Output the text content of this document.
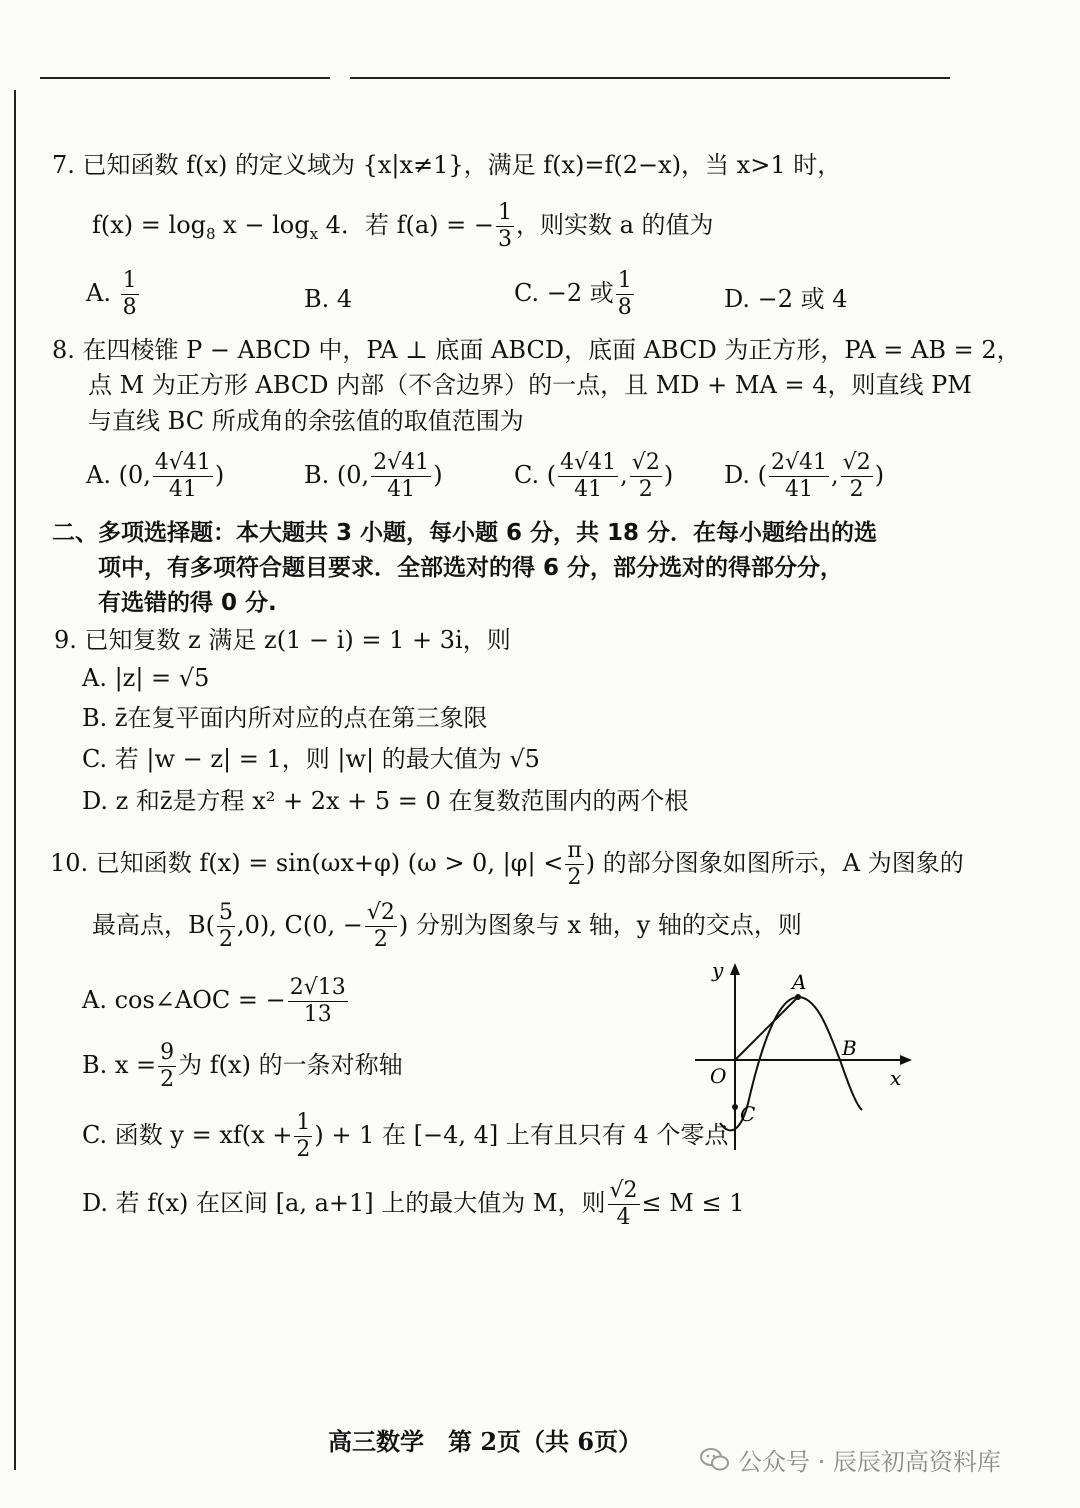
7. 已知函数 f(x) 的定义域为 {x|x≠1}，满足 f(x)=f(2−x)，当 x>1 时，
$f(x) = \log_8 x - \log_x 4$．若 f(a) = − $\frac{1}{3}$ ，则实数 a 的值为
A. $\frac{1}{8}$	B. 4	C. −2 或 $\frac{1}{8}$	D. −2 或 4
8. 在四棱锥 P − ABCD 中，PA ⊥ 底面 ABCD，底面 ABCD 为正方形，PA = AB = 2，
点 M 为正方形 ABCD 内部（不含边界）的一点，且 MD + MA = 4，则直线 PM
与直线 BC 所成角的余弦值的取值范围为
A. (0, $\frac{4√41}{41}$ )	B. (0, $\frac{2√41}{41}$ )	C. ( $\frac{4√41}{41}$ , $\frac{√2}{2}$ ) D. ( $\frac{2√41}{41}$ , $\frac{√2}{2}$ )
二、多项选择题：本大题共 3 小题，每小题 6 分，共 18 分．在每小题给出的选
项中，有多项符合题目要求．全部选对的得 6 分，部分选对的得部分分，
有选错的得 0 分.
9. 已知复数 z 满足 z(1 − i) = 1 + 3i，则
A. |z| = √5
B. z̄在复平面内所对应的点在第三象限
C. 若 |w − z| = 1，则 |w| 的最大值为 √5
D. z 和z̄是方程 x² + 2x + 5 = 0 在复数范围内的两个根
10. 已知函数 f(x) = sin(ωx+φ) (ω > 0, $|\varphi| < \frac{\pi}{2}$ ) 的部分图象如图所示，A 为图象的
最高点，$B( \frac{5}{2} ,0)$, C(0, − $\frac{√2}{2}$ ) 分别为图象与 x 轴，y 轴的交点，则
A. cos∠AOC = − $\frac{2√13}{13}$
B. $x = \frac{9}{2}$ 为 f(x) 的一条对称轴
C. 函数 $y = xf(x + \frac{1}{2}$ ) + 1 在 [−4, 4] 上有且只有 4 个零点
D. 若 f(x) 在区间 [a, a+1] 上的最大值为 M，则 $\frac{√2}{4} \le M \le 1$
y
x
O
A
B
C
高三数学　第 2页（共 6页）
公众号 · 辰辰初高资料库
